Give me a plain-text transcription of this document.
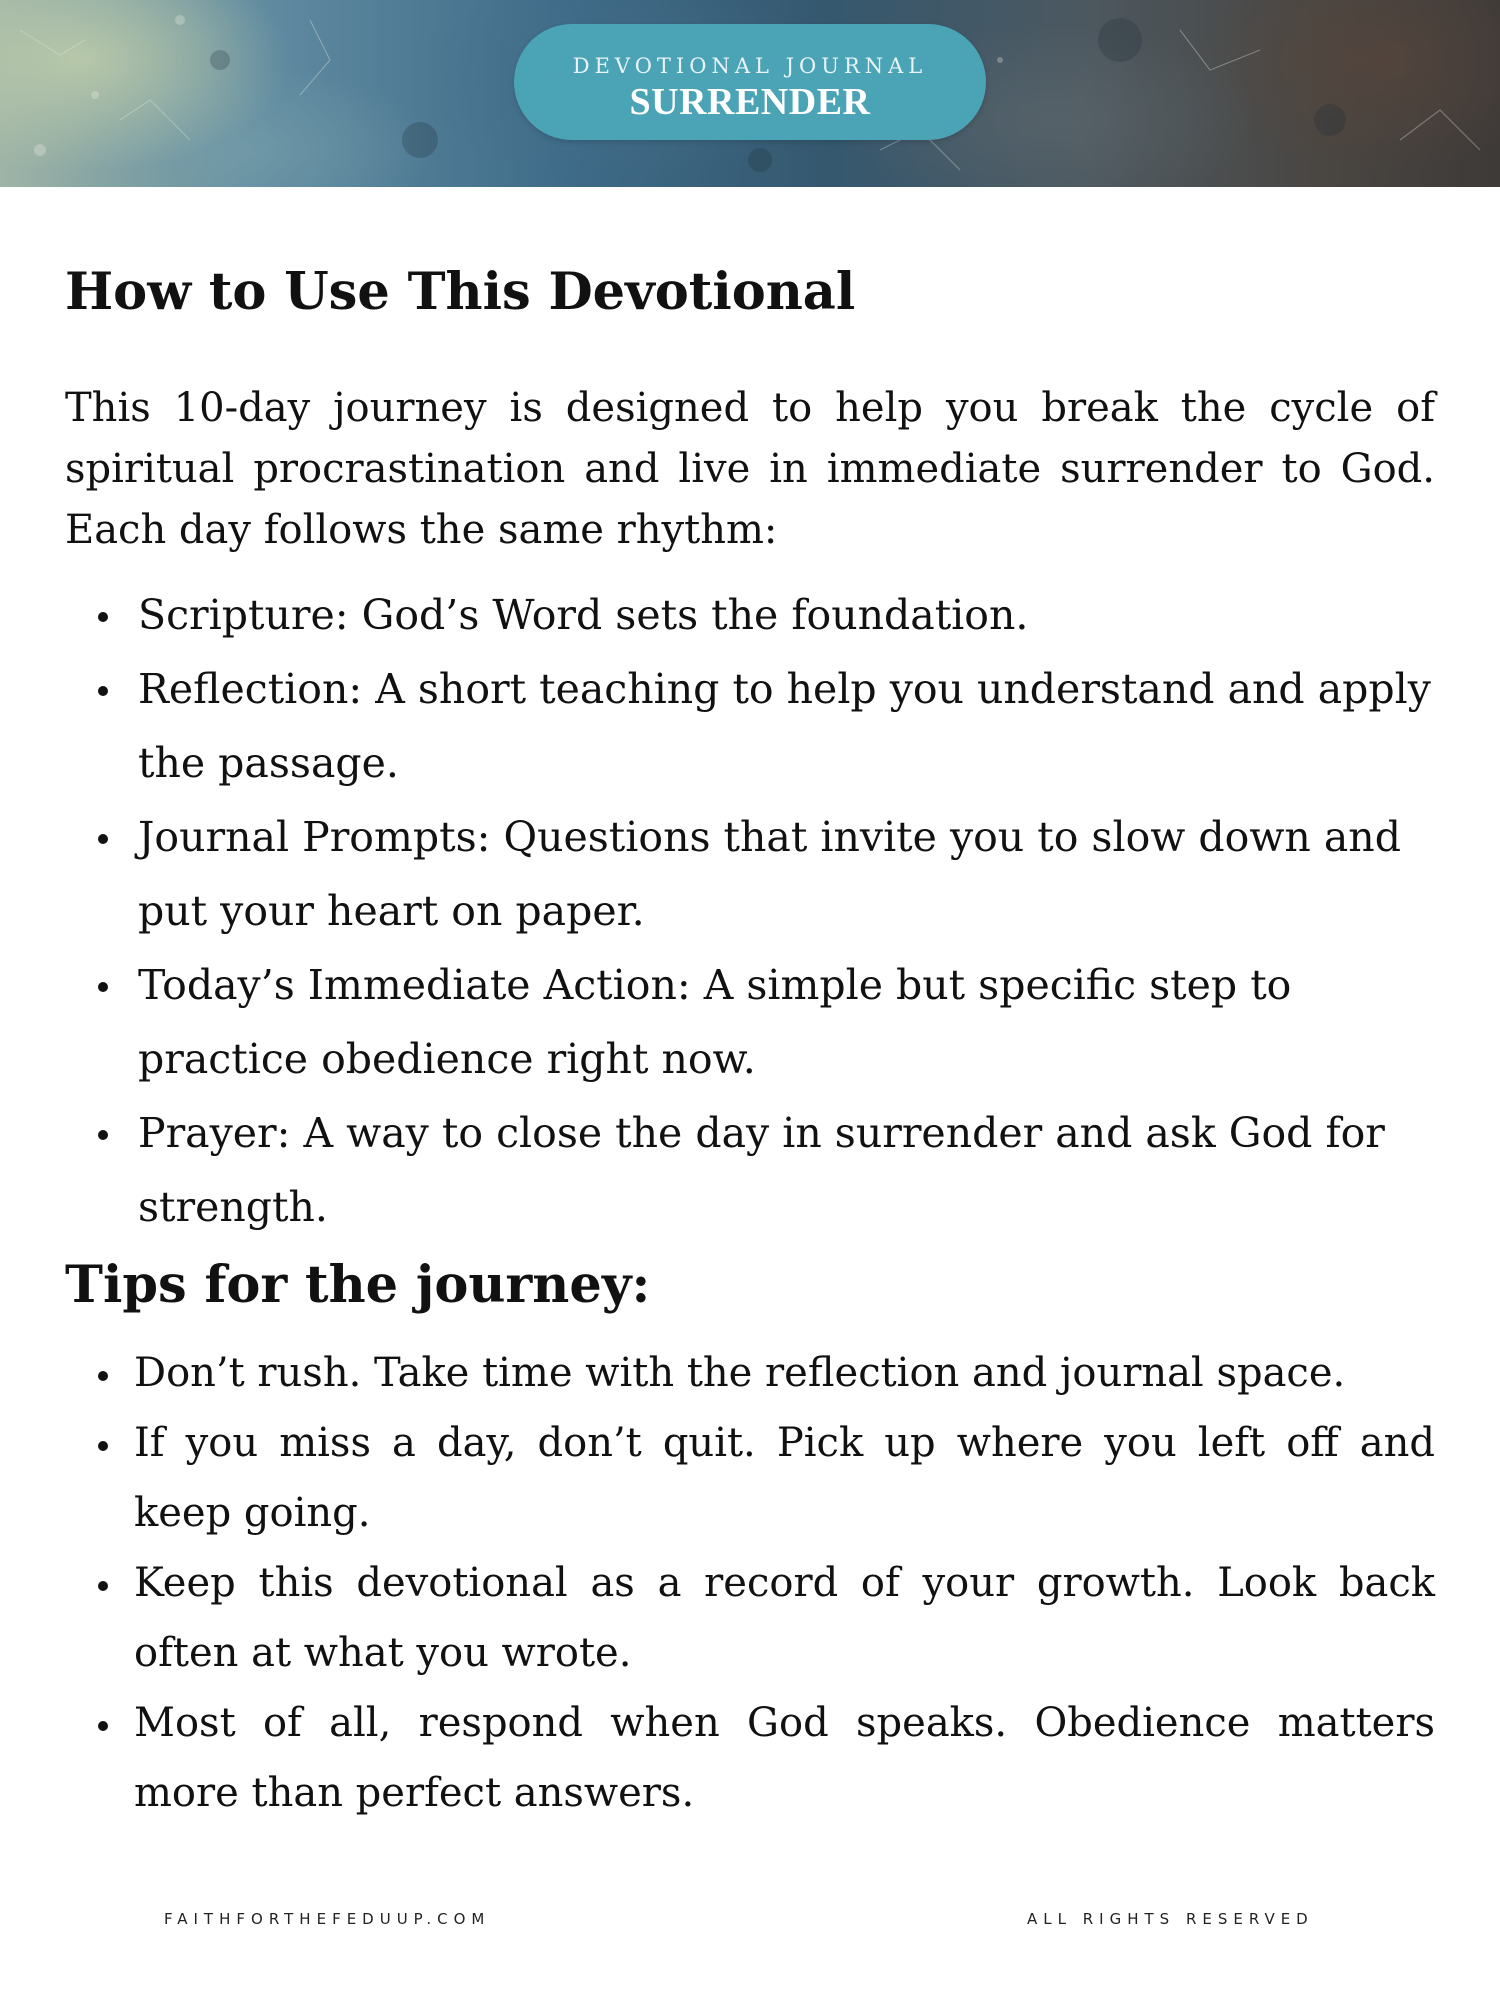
DEVOTIONAL JOURNAL
SURRENDER
How to Use This Devotional

This 10-day journey is designed to help you break the cycle of spiritual procrastination and live in immediate surrender to God. Each day follows the same rhythm:

Scripture: God’s Word sets the foundation.
Reflection: A short teaching to help you understand and apply the passage.
Journal Prompts: Questions that invite you to slow down and put your heart on paper.
Today’s Immediate Action: A simple but specific step to practice obedience right now.
Prayer: A way to close the day in surrender and ask God for strength.
Tips for the journey:
Don’t rush. Take time with the reflection and journal space.
If you miss a day, don’t quit. Pick up where you left off and keep going.
Keep this devotional as a record of your growth. Look back often at what you wrote.
Most of all, respond when God speaks. Obedience matters more than perfect answers.
FAITHFORTHEFEDUUP.COM	ALL RIGHTS RESERVED
